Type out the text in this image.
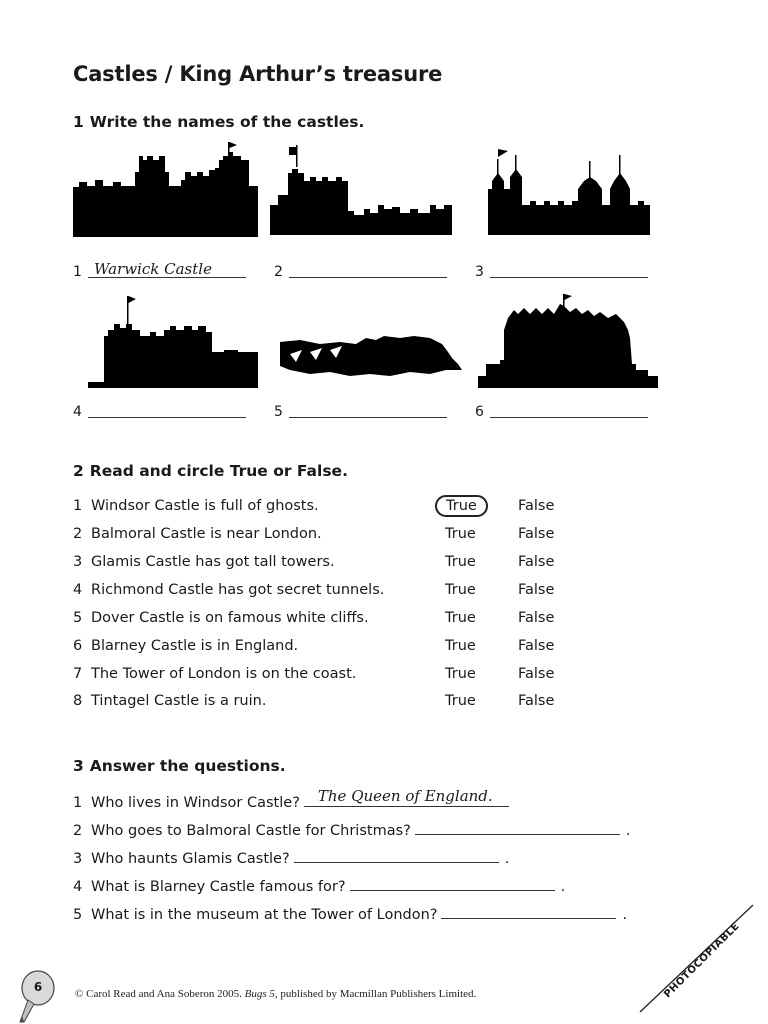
Castles / King Arthur’s treasure
1 Write the names of the castles.
1 Warwick Castle	2	3
4	5	6
2 Read and circle True or False.
1 Windsor Castle is full of ghosts.	True	False
2 Balmoral Castle is near London.	True	False
3 Glamis Castle has got tall towers.	True	False
4 Richmond Castle has got secret tunnels.	True	False
5 Dover Castle is on famous white cliffs.	True	False
6 Blarney Castle is in England.	True	False
7 The Tower of London is on the coast.	True	False
8 Tintagel Castle is a ruin.	True	False
3 Answer the questions.
1 Who lives in Windsor Castle? The Queen of England.
2 Who goes to Balmoral Castle for Christmas?	.
3 Who haunts Glamis Castle?	.
4 What is Blarney Castle famous for?	.
5 What is in the museum at the Tower of London?	.
© Carol Read and Ana Soberon 2005. Bugs 5, published by Macmillan Publishers Limited.
6	PHOTOCOPIABLE
